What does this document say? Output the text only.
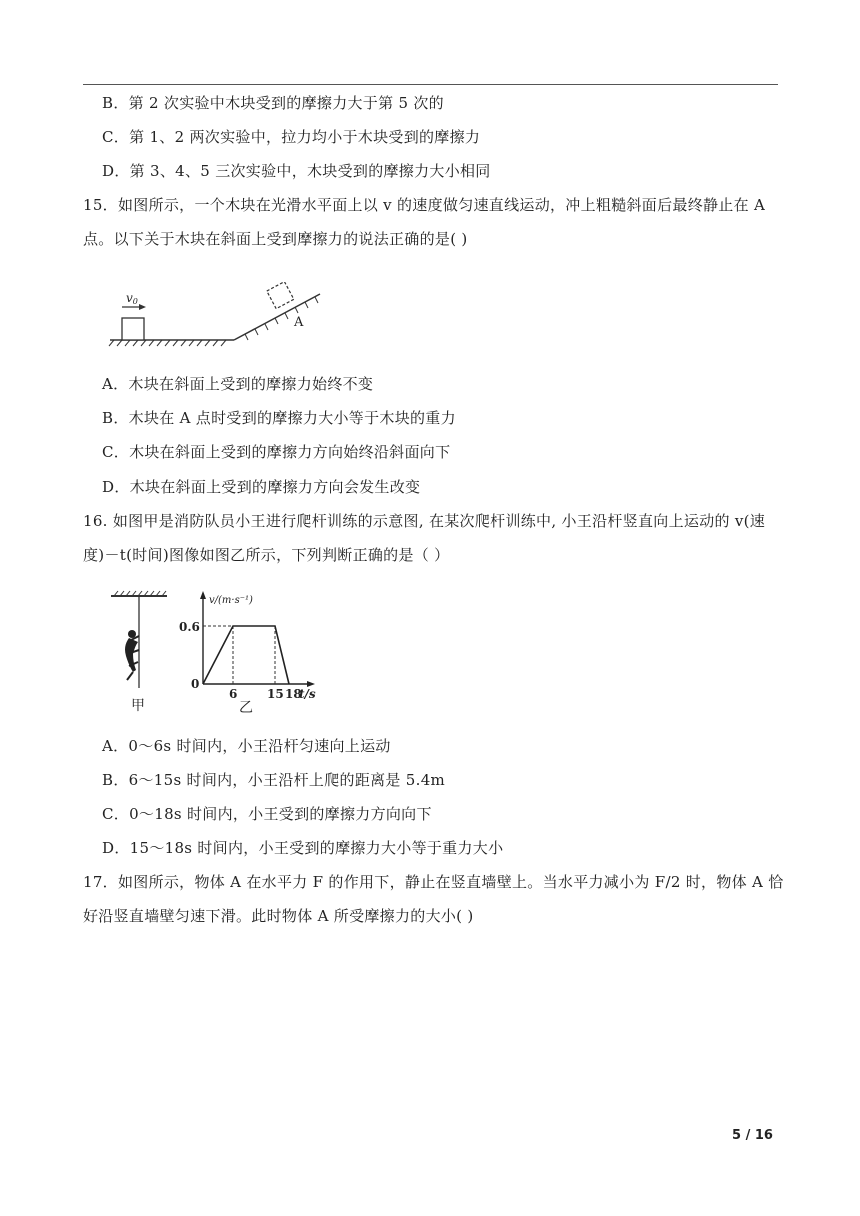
B．第 2 次实验中木块受到的摩擦力大于第 5 次的
C．第 1、2 两次实验中，拉力均小于木块受到的摩擦力
D．第 3、4、5 三次实验中，木块受到的摩擦力大小相同
15．如图所示，一个木块在光滑水平面上以 v 的速度做匀速直线运动，冲上粗糙斜面后最终静止在 A
点。以下关于木块在斜面上受到摩擦力的说法正确的是( )
v0
A
A．木块在斜面上受到的摩擦力始终不变
B．木块在 A 点时受到的摩擦力大小等于木块的重力
C．木块在斜面上受到的摩擦力方向始终沿斜面向下
D．木块在斜面上受到的摩擦力方向会发生改变
16. 如图甲是消防队员小王进行爬杆训练的示意图, 在某次爬杆训练中, 小王沿杆竖直向上运动的 v(速
度)－t(时间)图像如图乙所示，下列判断正确的是（ ）
甲
v/(m·s⁻¹)
0.6
0
6 15 18
t/s
乙
A．0～6s 时间内，小王沿杆匀速向上运动
B．6～15s 时间内，小王沿杆上爬的距离是 5.4m
C．0～18s 时间内，小王受到的摩擦力方向向下
D．15～18s 时间内，小王受到的摩擦力大小等于重力大小
17．如图所示，物体 A 在水平力 F 的作用下，静止在竖直墙壁上。当水平力减小为 F/2 时，物体 A 恰
好沿竖直墙壁匀速下滑。此时物体 A 所受摩擦力的大小( )
5 / 16
